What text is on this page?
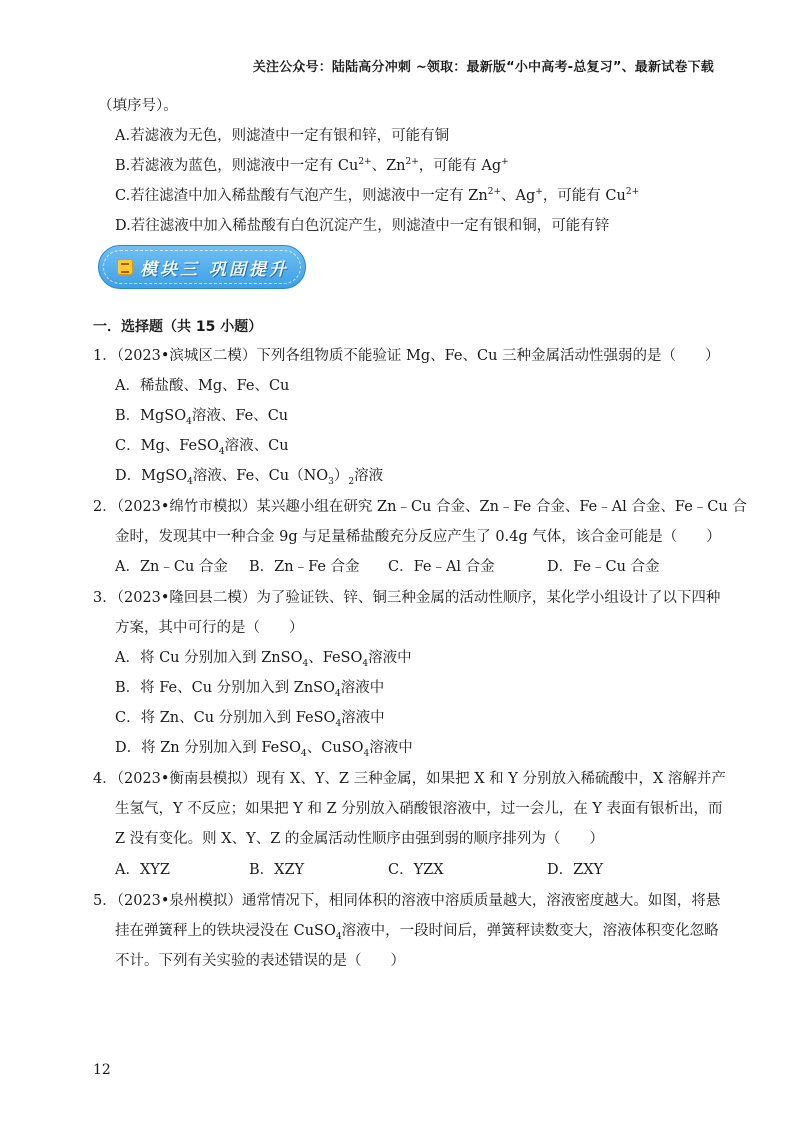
关注公众号：陆陆高分冲刺 ~领取：最新版“小中高考-总复习”、最新试卷下载
（填序号）。
A.若滤液为无色，则滤渣中一定有银和锌，可能有铜
B.若滤液为蓝色，则滤液中一定有 $Cu^{2+}$、$Zn^{2+}$，可能有 Ag+
C.若往滤渣中加入稀盐酸有气泡产生，则滤液中一定有 $Zn^{2+}$、Ag+，可能有 $Cu^{2+}$
D.若往滤液中加入稀盐酸有白色沉淀产生，则滤渣中一定有银和铜，可能有锌
模块三 巩固提升
一．选择题（共 15 小题）
1．（2023•滨城区二模）下列各组物质不能验证 Mg、Fe、Cu 三种金属活动性强弱的是（　　）
A．稀盐酸、Mg、Fe、Cu
B．MgSO$_4$溶液、Fe、Cu
C．Mg、FeSO$_4$溶液、Cu
D．MgSO$_4$溶液、Fe、$Cu(NO_3)_2$溶液
2．（2023•绵竹市模拟）某兴趣小组在研究 Zn﹣Cu 合金、Zn﹣Fe 合金、Fe﹣Al 合金、Fe﹣Cu 合
金时，发现其中一种合金 9g 与足量稀盐酸充分反应产生了 0.4g 气体，该合金可能是（　　）
A．Zn﹣Cu 合金 B．Zn﹣Fe 合金 C．Fe﹣Al 合金	D．Fe﹣Cu 合金
3．（2023•隆回县二模）为了验证铁、锌、铜三种金属的活动性顺序，某化学小组设计了以下四种
方案，其中可行的是（　　）
A．将 Cu 分别加入到 ZnSO$_4$、FeSO$_4$溶液中
B．将 Fe、Cu 分别加入到 ZnSO$_4$溶液中
C．将 Zn、Cu 分别加入到 FeSO$_4$溶液中
D．将 Zn 分别加入到 FeSO$_4$、CuSO$_4$溶液中
4．（2023•衡南县模拟）现有 X、Y、Z 三种金属，如果把 X 和 Y 分别放入稀硫酸中，X 溶解并产
生氢气，Y 不反应；如果把 Y 和 Z 分别放入硝酸银溶液中，过一会儿，在 Y 表面有银析出，而
Z 没有变化。则 X、Y、Z 的金属活动性顺序由强到弱的顺序排列为（　　）
A．XYZ	B．XZY	C．YZX	D．ZXY
5．（2023•泉州模拟）通常情况下，相同体积的溶液中溶质质量越大，溶液密度越大。如图，将悬
挂在弹簧秤上的铁块浸没在 CuSO$_4$溶液中，一段时间后，弹簧秤读数变大，溶液体积变化忽略
不计。下列有关实验的表述错误的是（　　）
12
